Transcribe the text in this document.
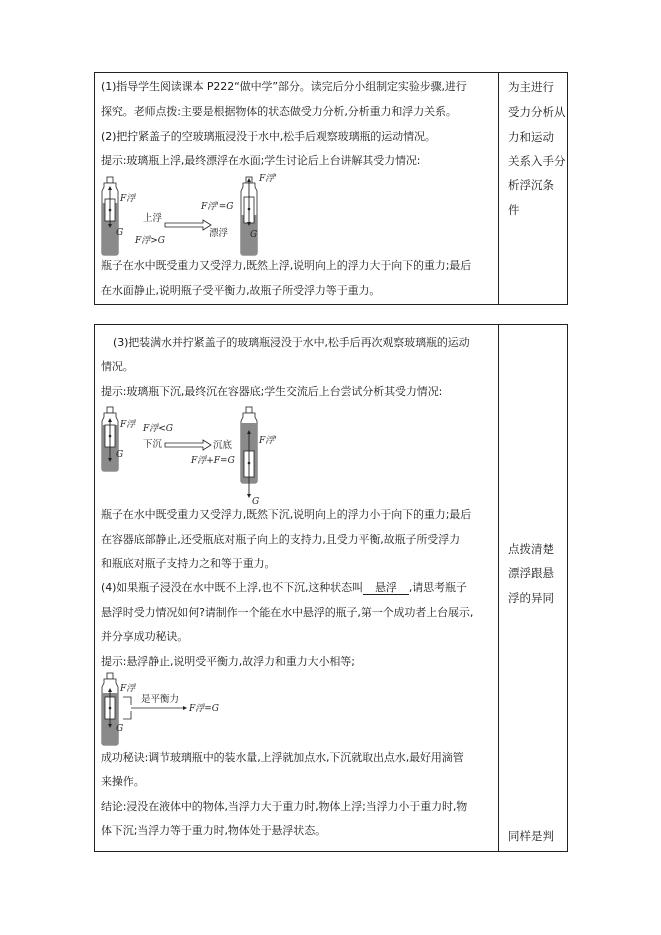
(1)指导学生阅读课本 P222“做中学”部分。读完后分小组制定实验步骤,进行
探究。老师点拨:主要是根据物体的状态做受力分析,分析重力和浮力关系。
(2)把拧紧盖子的空玻璃瓶浸没于水中,松手后观察玻璃瓶的运动情况。
提示:玻璃瓶上浮,最终漂浮在水面;学生讨论后上台讲解其受力情况:
F浮
G
上浮
F浮>G
F浮'=G
漂浮
F浮'
G
瓶子在水中既受重力又受浮力,既然上浮,说明向上的浮力大于向下的重力;最后
在水面静止,说明瓶子受平衡力,故瓶子所受浮力等于重力。
为主进行
受力分析从
力和运动
关系入手分
析浮沉条
件
(3)把装满水并拧紧盖子的玻璃瓶浸没于水中,松手后再次观察玻璃瓶的运动
情况。
提示:玻璃瓶下沉,最终沉在容器底;学生交流后上台尝试分析其受力情况:
F浮
G
F浮<G
下沉	沉底
F浮+F=G
F浮'
G
瓶子在水中既受重力又受浮力,既然下沉,说明向上的浮力小于向下的重力;最后
在容器底部静止,还受瓶底对瓶子向上的支持力,且受力平衡,故瓶子所受浮力
和瓶底对瓶子支持力之和等于重力。
(4)如果瓶子浸没在水中既不上浮,也不下沉,这种状态叫 悬浮 ,请思考瓶子
悬浮时受力情况如何?请制作一个能在水中悬浮的瓶子,第一个成功者上台展示,
并分享成功秘诀。
提示:悬浮静止,说明受平衡力,故浮力和重力大小相等;
F浮
G
是平衡力
F浮=G
成功秘诀:调节玻璃瓶中的装水量,上浮就加点水,下沉就取出点水,最好用滴管
来操作。
结论:浸没在液体中的物体,当浮力大于重力时,物体上浮;当浮力小于重力时,物
体下沉;当浮力等于重力时,物体处于悬浮状态。
点拨清楚
漂浮跟悬
浮的异同
同样是判
